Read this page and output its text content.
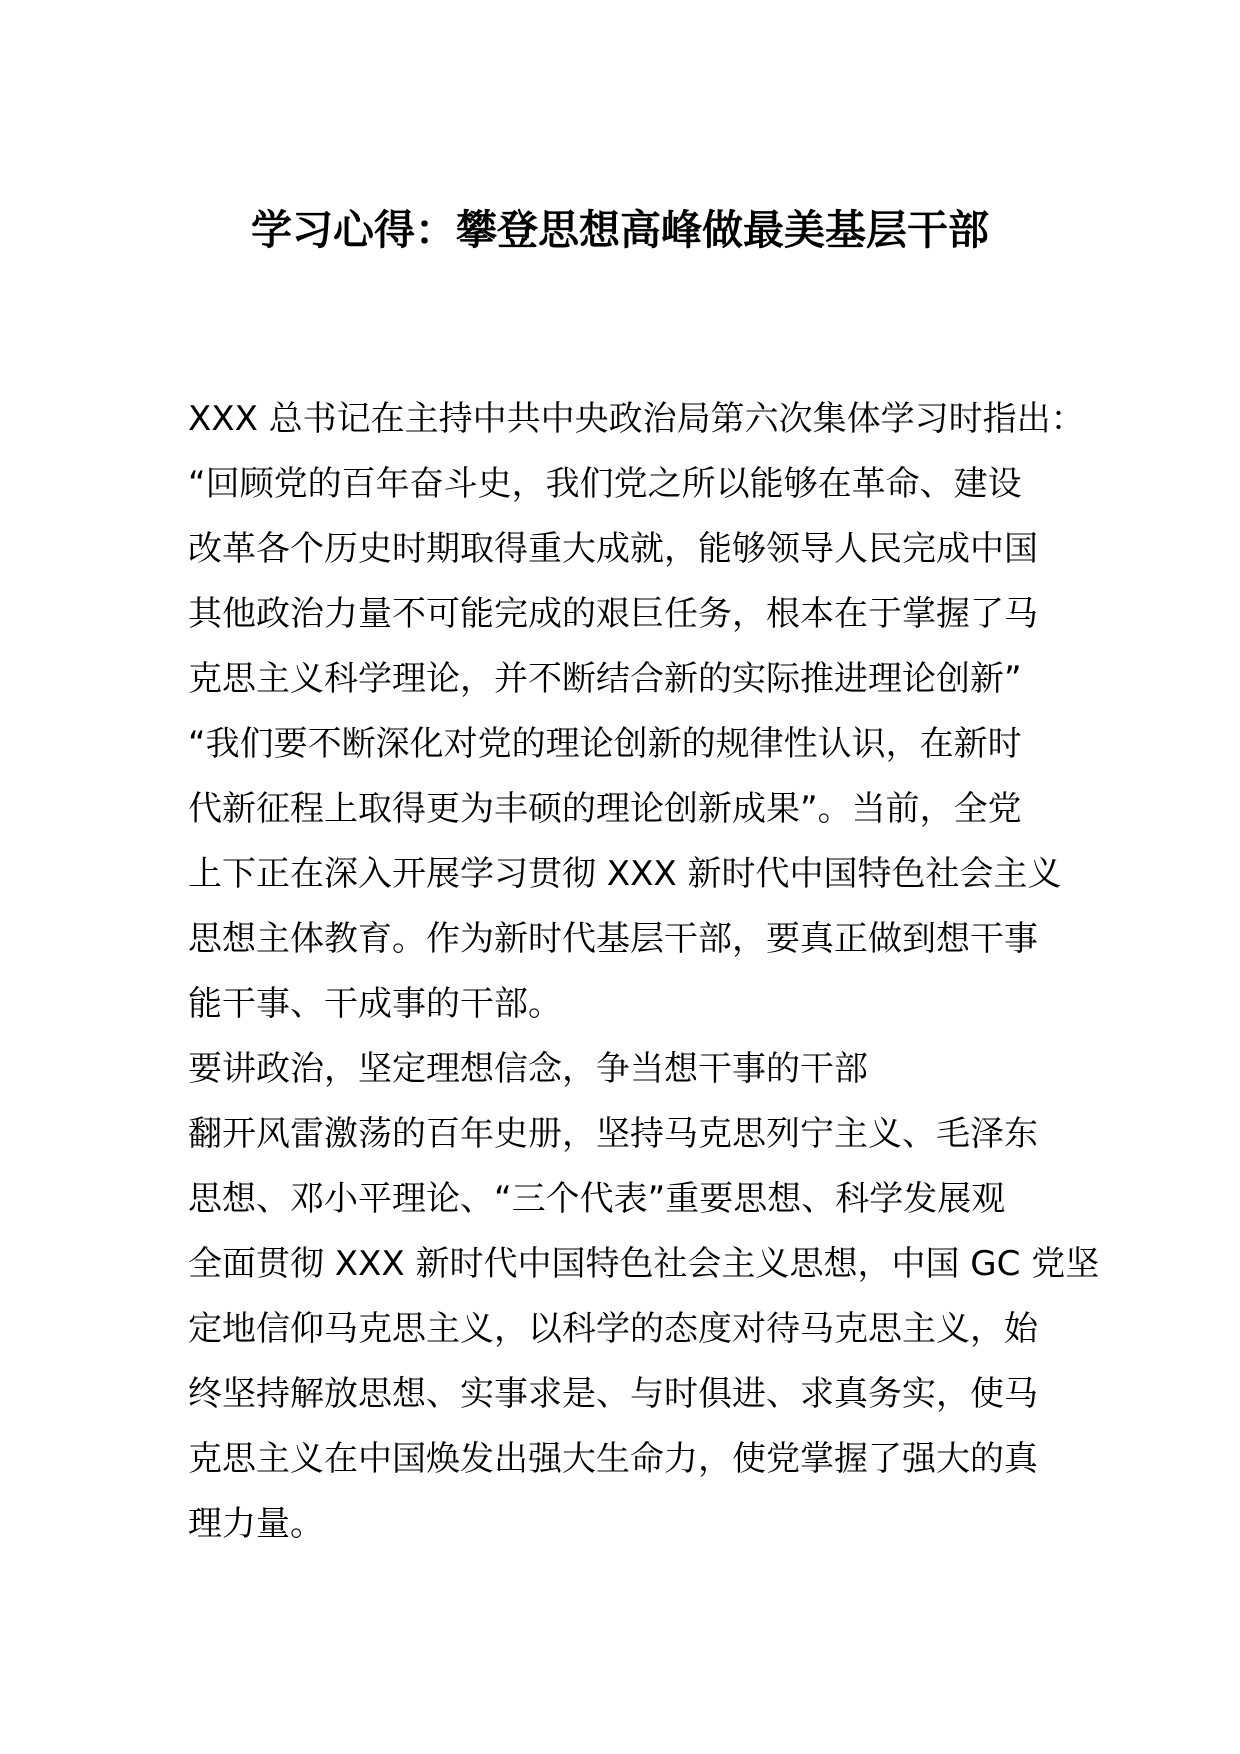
学习心得：攀登思想高峰做最美基层干部
XXX 总书记在主持中共中央政治局第六次集体学习时指出：
“回顾党的百年奋斗史，我们党之所以能够在革命、建设
改革各个历史时期取得重大成就，能够领导人民完成中国
其他政治力量不可能完成的艰巨任务，根本在于掌握了马
克思主义科学理论，并不断结合新的实际推进理论创新”
“我们要不断深化对党的理论创新的规律性认识，在新时
代新征程上取得更为丰硕的理论创新成果”。当前，全党
上下正在深入开展学习贯彻 XXX 新时代中国特色社会主义
思想主体教育。作为新时代基层干部，要真正做到想干事
能干事、干成事的干部。
要讲政治，坚定理想信念，争当想干事的干部
翻开风雷激荡的百年史册，坚持马克思列宁主义、毛泽东
思想、邓小平理论、“三个代表”重要思想、科学发展观
全面贯彻 XXX 新时代中国特色社会主义思想，中国 GC 党坚
定地信仰马克思主义，以科学的态度对待马克思主义，始
终坚持解放思想、实事求是、与时俱进、求真务实，使马
克思主义在中国焕发出强大生命力，使党掌握了强大的真
理力量。
